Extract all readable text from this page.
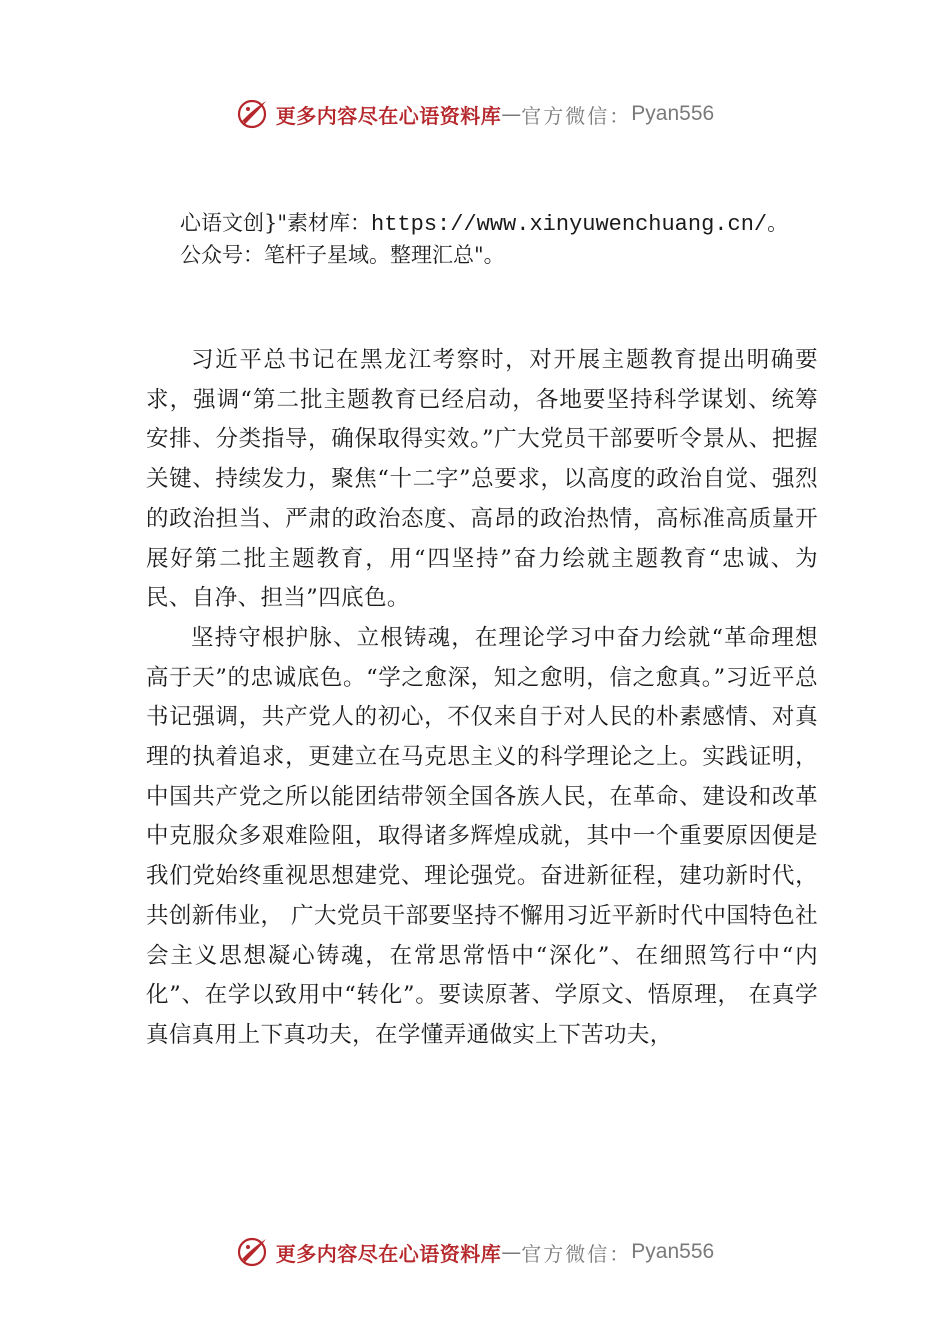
更多内容尽在心语资料库 — 官方微信： Pyan556
心语文创}"素材库：https://www.xinyuwenchuang.cn/。
公众号：笔杆子星域。整理汇总"。

习近平总书记在黑龙江考察时，对开展主题教育提出明确要求，强调“第二批主题教育已经启动，各地要坚持科学谋划、统筹安排、分类指导，确保取得实效。”广大党员干部要听令景从、把握关键、持续发力，聚焦“十二字”总要求，以高度的政治自觉、强烈的政治担当、严肃的政治态度、高昂的政治热情，高标准高质量开展好第二批主题教育，用“四坚持”奋力绘就主题教育“忠诚、为民、自净、担当”四底色。

坚持守根护脉、立根铸魂，在理论学习中奋力绘就“革命理想高于天”的忠诚底色。“学之愈深，知之愈明，信之愈真。”习近平总书记强调，共产党人的初心，不仅来自于对人民的朴素感情、对真理的执着追求，更建立在马克思主义的科学理论之上。实践证明，中国共产党之所以能团结带领全国各族人民，在革命、建设和改革中克服众多艰难险阻，取得诸多辉煌成就，其中一个重要原因便是我们党始终重视思想建党、理论强党。奋进新征程，建功新时代，共创新伟业， 广大党员干部要坚持不懈用习近平新时代中国特色社会主义思想凝心铸魂，在常思常悟中“深化”、在细照笃行中“内化”、在学以致用中“转化”。要读原著、学原文、悟原理， 在真学真信真用上下真功夫，在学懂弄通做实上下苦功夫，

更多内容尽在心语资料库 — 官方微信： Pyan556
